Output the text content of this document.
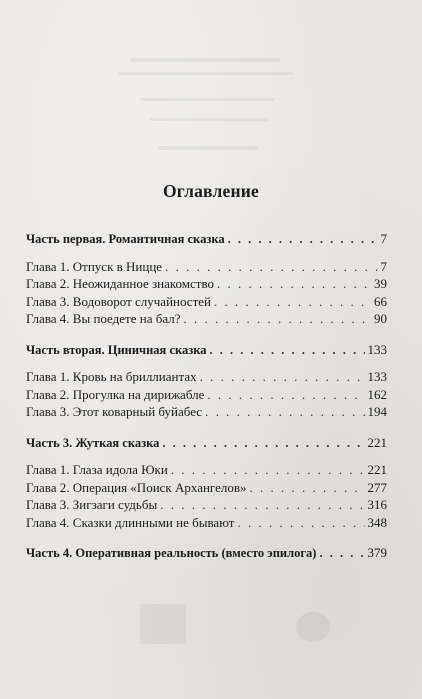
Оглавление
Часть первая. Романтичная сказка . . .	7
Глава 1. Отпуск в Ницце . . .	7
Глава 2. Неожиданное знакомство . . .	39
Глава 3. Водоворот случайностей . . .	66
Глава 4. Вы поедете на бал? . . .	90
Часть вторая. Циничная сказка . . .	133
Глава 1. Кровь на бриллиантах . . .	133
Глава 2. Прогулка на дирижабле . . .	162
Глава 3. Этот коварный буйабес . . .	194
Часть 3. Жуткая сказка . . .	221
Глава 1. Глаза идола Юки . . .	221
Глава 2. Операция «Поиск Архангелов» . . .	277
Глава 3. Зигзаги судьбы . . .	316
Глава 4. Сказки длинными не бывают . . .	348
Часть 4. Оперативная реальность (вместо эпилога) . . .	379
